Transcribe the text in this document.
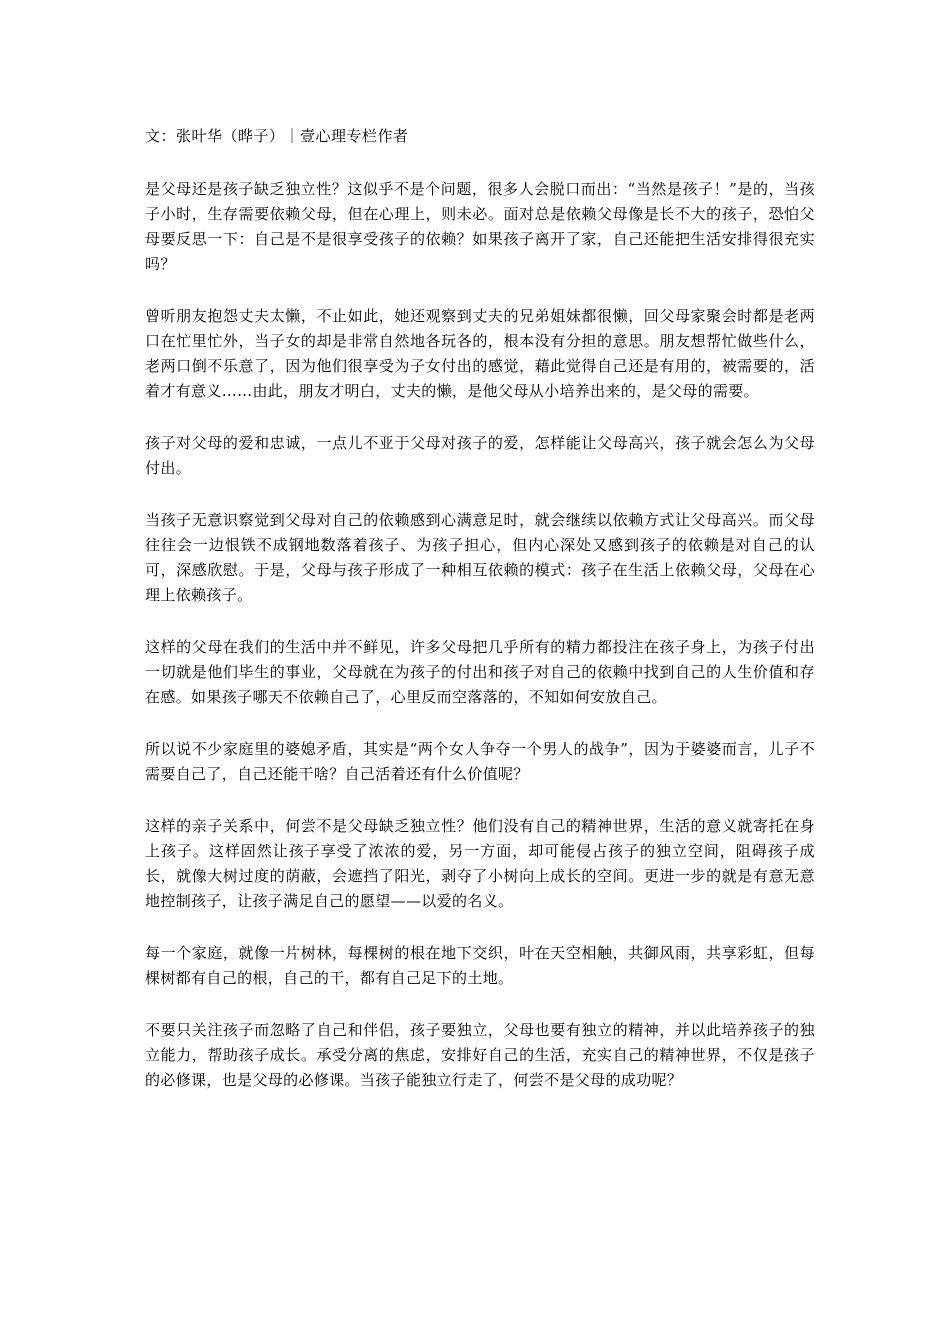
文：张叶华（晔子）｜壹心理专栏作者

是父母还是孩子缺乏独立性？这似乎不是个问题，很多人会脱口而出：“当然是孩子！”是的，当孩子小时，生存需要依赖父母，但在心理上，则未必。面对总是依赖父母像是长不大的孩子，恐怕父母要反思一下：自己是不是很享受孩子的依赖？如果孩子离开了家，自己还能把生活安排得很充实吗？

曾听朋友抱怨丈夫太懒，不止如此，她还观察到丈夫的兄弟姐妹都很懒，回父母家聚会时都是老两口在忙里忙外，当子女的却是非常自然地各玩各的，根本没有分担的意思。朋友想帮忙做些什么，老两口倒不乐意了，因为他们很享受为子女付出的感觉，藉此觉得自己还是有用的，被需要的，活着才有意义……由此，朋友才明白，丈夫的懒，是他父母从小培养出来的，是父母的需要。

孩子对父母的爱和忠诚，一点儿不亚于父母对孩子的爱，怎样能让父母高兴，孩子就会怎么为父母付出。

当孩子无意识察觉到父母对自己的依赖感到心满意足时，就会继续以依赖方式让父母高兴。而父母往往会一边恨铁不成钢地数落着孩子、为孩子担心，但内心深处又感到孩子的依赖是对自己的认可，深感欣慰。于是，父母与孩子形成了一种相互依赖的模式：孩子在生活上依赖父母，父母在心理上依赖孩子。

这样的父母在我们的生活中并不鲜见，许多父母把几乎所有的精力都投注在孩子身上，为孩子付出一切就是他们毕生的事业，父母就在为孩子的付出和孩子对自己的依赖中找到自己的人生价值和存在感。如果孩子哪天不依赖自己了，心里反而空落落的，不知如何安放自己。

所以说不少家庭里的婆媳矛盾，其实是“两个女人争夺一个男人的战争”，因为于婆婆而言，儿子不需要自己了，自己还能干啥？自己活着还有什么价值呢？

这样的亲子关系中，何尝不是父母缺乏独立性？他们没有自己的精神世界，生活的意义就寄托在身上孩子。这样固然让孩子享受了浓浓的爱，另一方面，却可能侵占孩子的独立空间，阻碍孩子成长，就像大树过度的荫蔽，会遮挡了阳光，剥夺了小树向上成长的空间。更进一步的就是有意无意地控制孩子，让孩子满足自己的愿望——以爱的名义。

每一个家庭，就像一片树林，每棵树的根在地下交织，叶在天空相触，共御风雨，共享彩虹，但每棵树都有自己的根，自己的干，都有自己足下的土地。

不要只关注孩子而忽略了自己和伴侣，孩子要独立，父母也要有独立的精神，并以此培养孩子的独立能力，帮助孩子成长。承受分离的焦虑，安排好自己的生活，充实自己的精神世界，不仅是孩子的必修课，也是父母的必修课。当孩子能独立行走了，何尝不是父母的成功呢？
